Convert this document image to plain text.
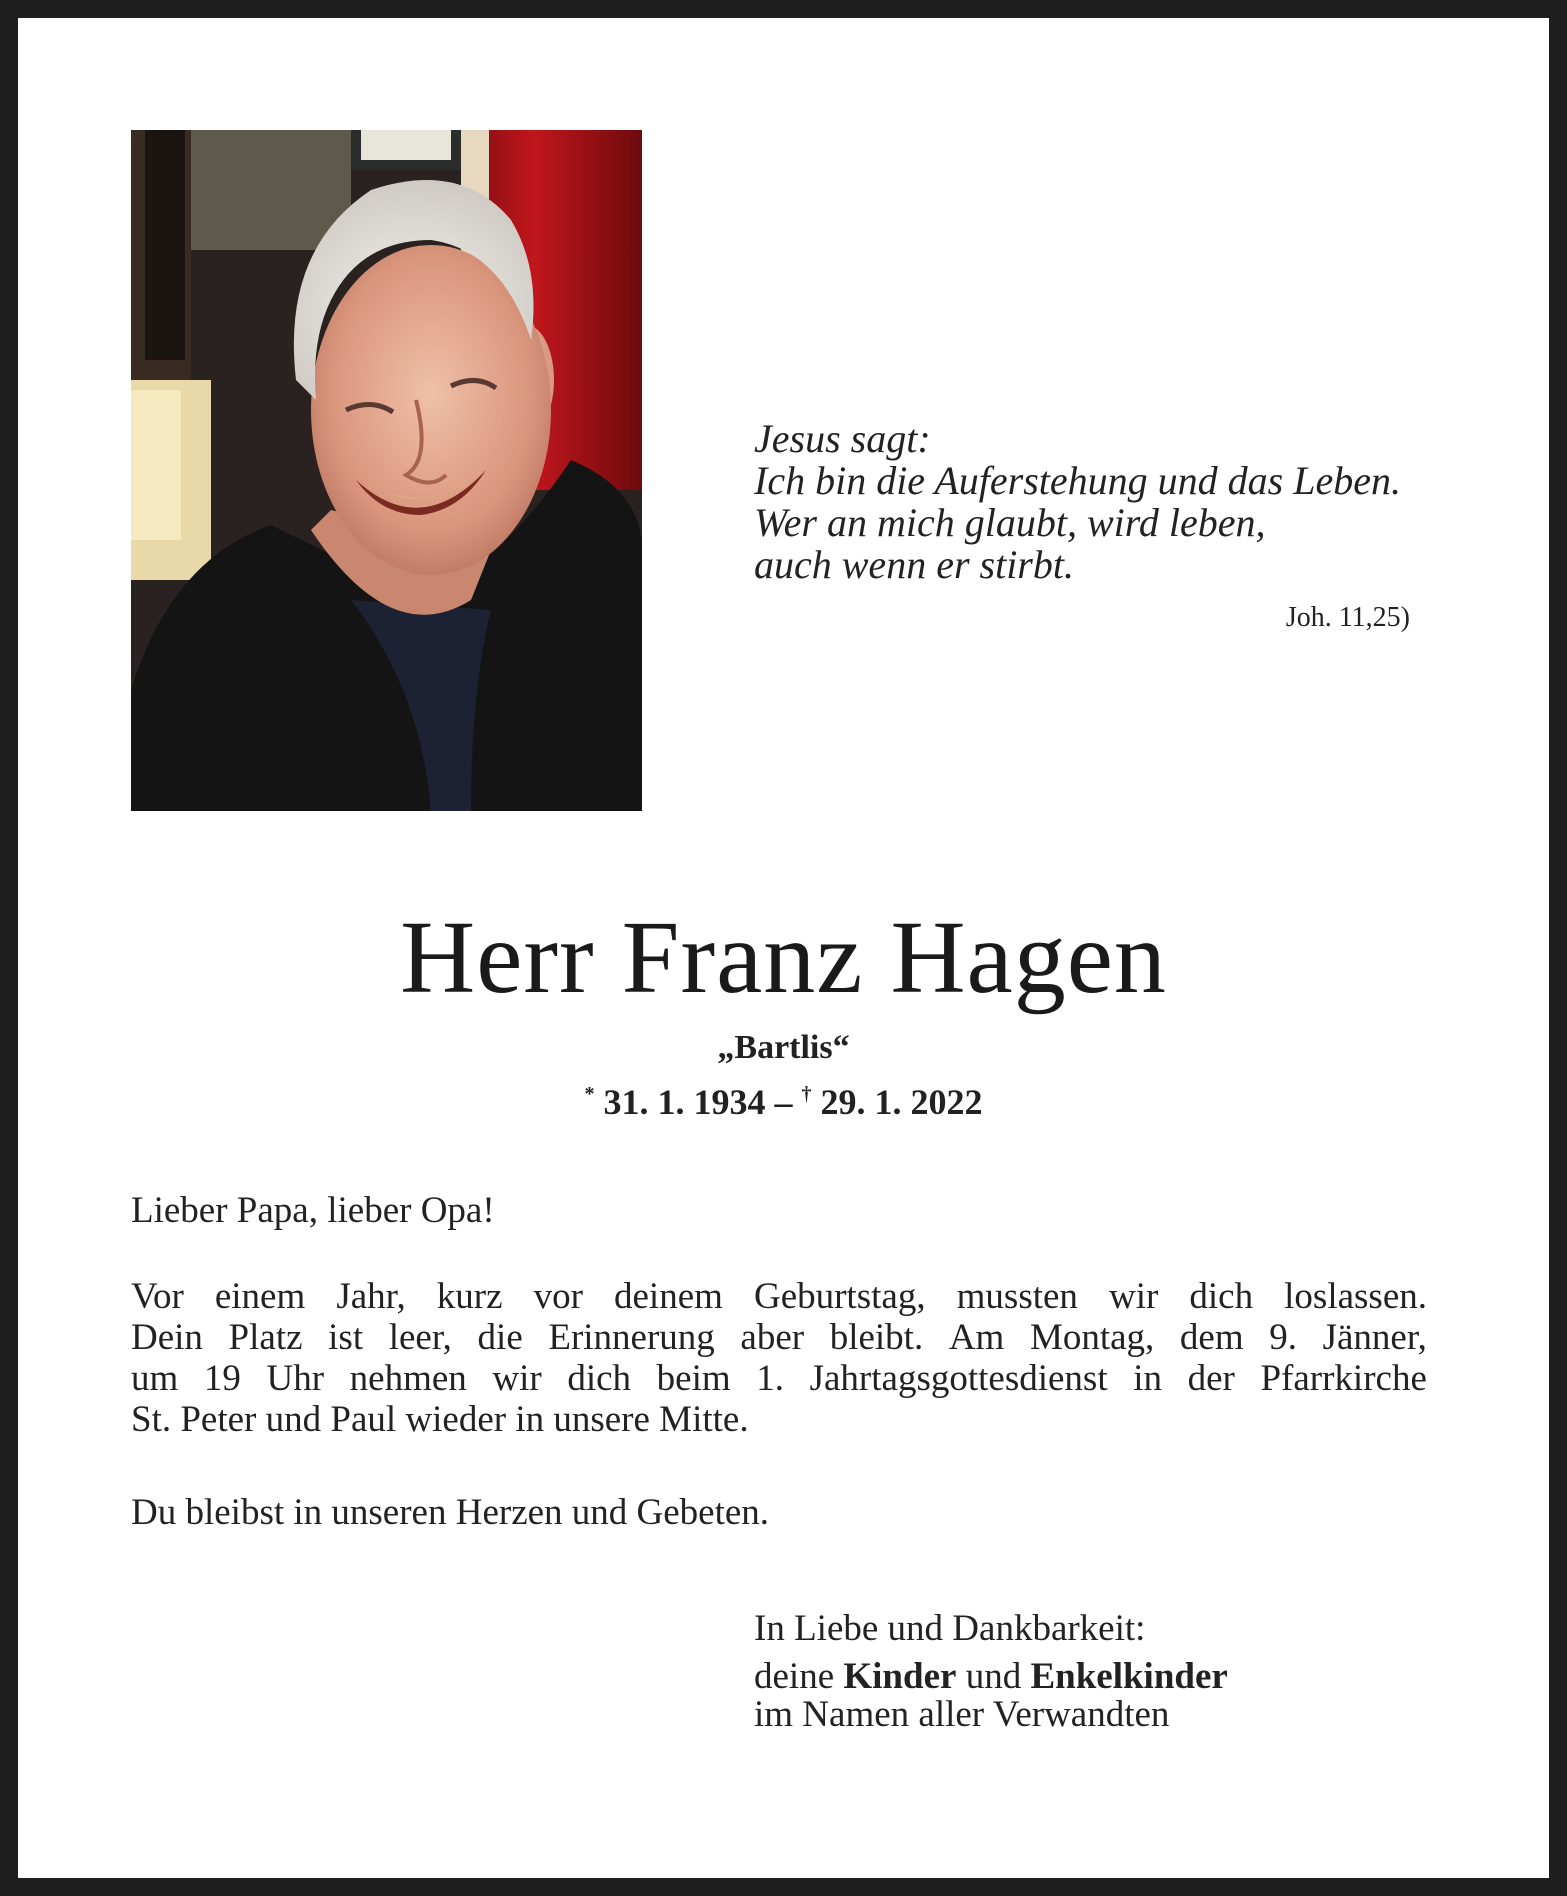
Jesus sagt:
Ich bin die Auferstehung und das Leben.
Wer an mich glaubt, wird leben,
auch wenn er stirbt.
Joh. 11,25)
Herr Franz Hagen
„Bartlis“
* 31. 1. 1934 – † 29. 1. 2022
Lieber Papa, lieber Opa!
Vor einem Jahr, kurz vor deinem Geburtstag, mussten wir dich loslassen.
Dein Platz ist leer, die Erinnerung aber bleibt. Am Montag, dem 9. Jänner,
um 19 Uhr nehmen wir dich beim 1. Jahrtagsgottesdienst in der Pfarrkirche
St. Peter und Paul wieder in unsere Mitte.
Du bleibst in unseren Herzen und Gebeten.
In Liebe und Dankbarkeit:
deine Kinder und Enkelkinder
im Namen aller Verwandten
